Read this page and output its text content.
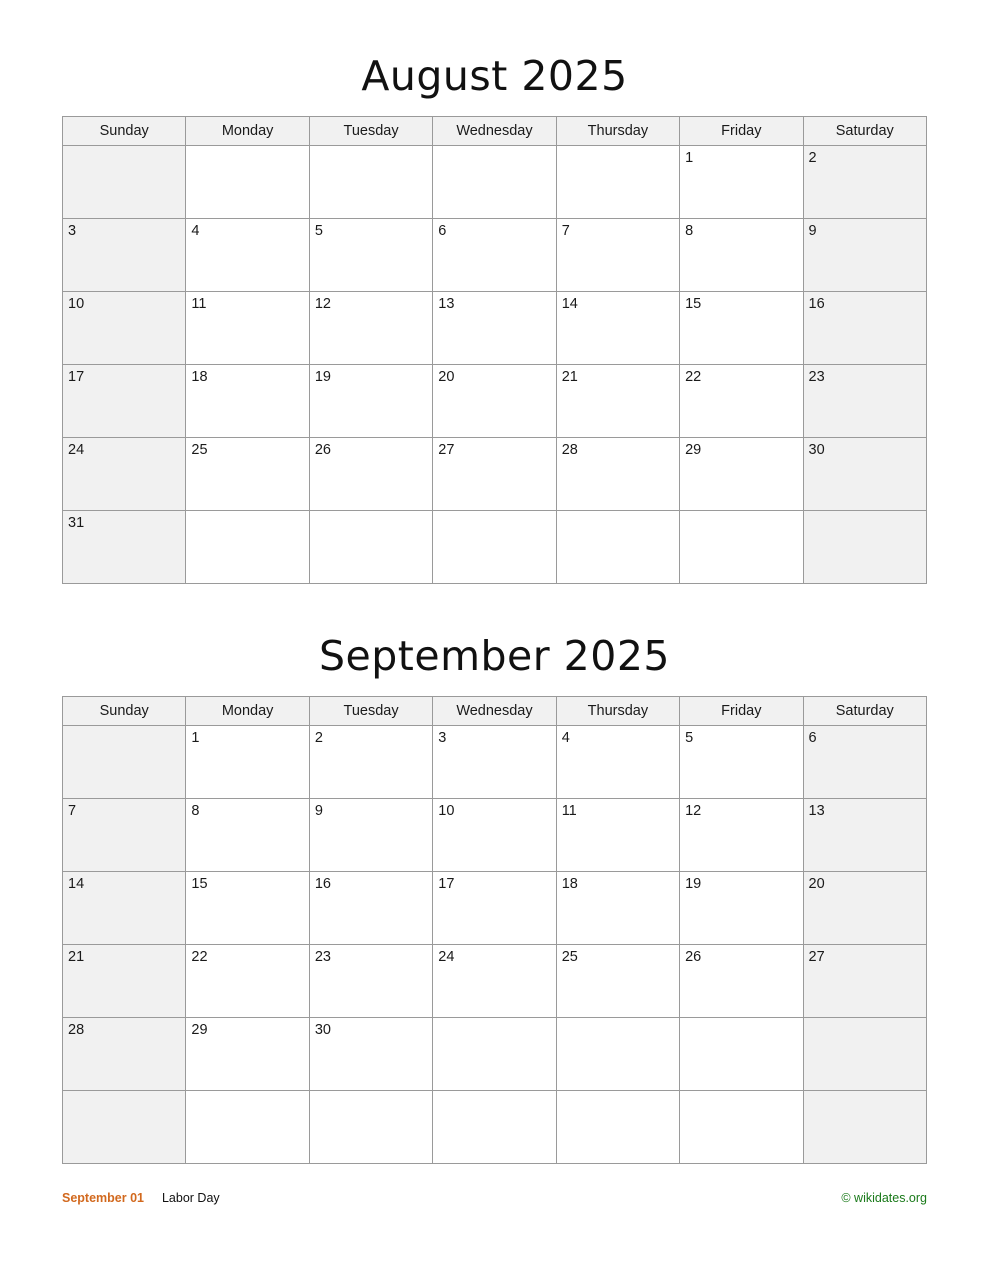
August 2025
Sunday	Monday	Tuesday	Wednesday	Thursday	Friday	Saturday
					1	2
3	4	5	6	7	8	9
10	11	12	13	14	15	16
17	18	19	20	21	22	23
24	25	26	27	28	29	30
31						
September 2025
Sunday	Monday	Tuesday	Wednesday	Thursday	Friday	Saturday
	1	2	3	4	5	6
7	8	9	10	11	12	13
14	15	16	17	18	19	20
21	22	23	24	25	26	27
28	29	30				

September 01 Labor Day	© wikidates.org
